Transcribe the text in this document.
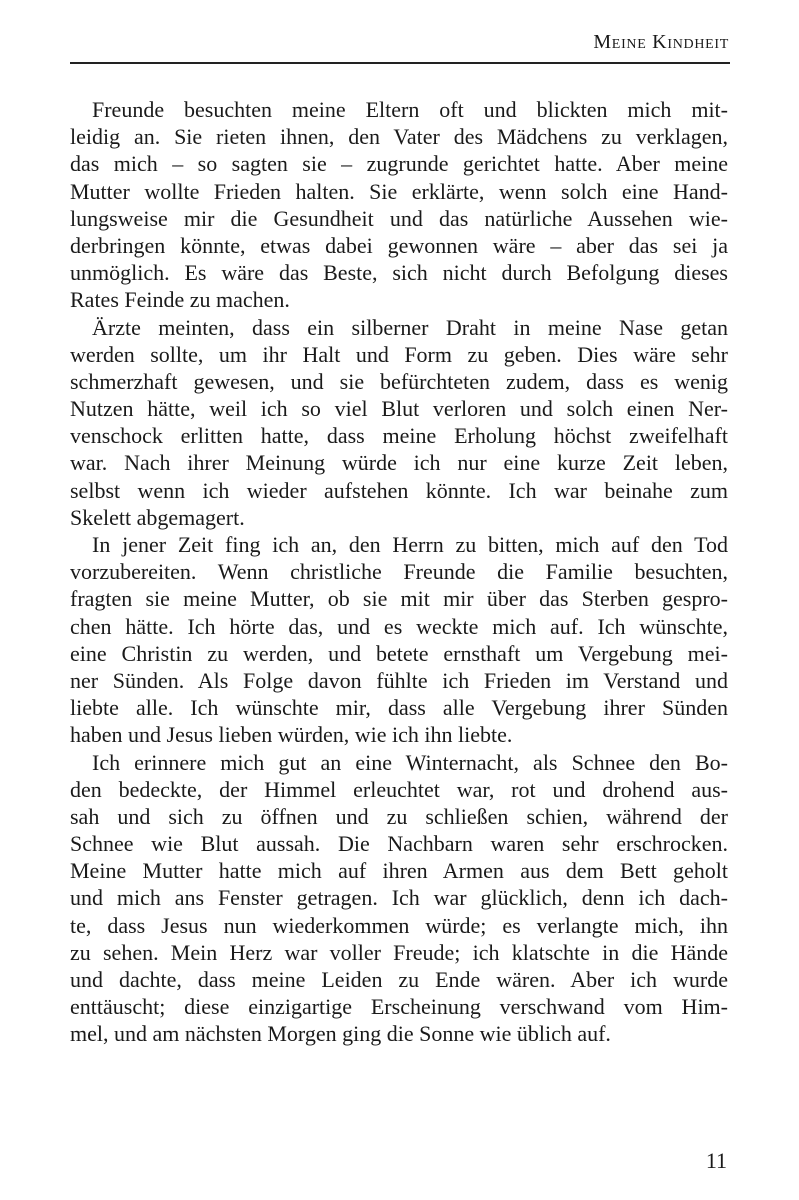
Meine Kindheit
Freunde besuchten meine Eltern oft und blickten mich mit-
leidig an. Sie rieten ihnen, den Vater des Mädchens zu verklagen,
das mich – so sagten sie – zugrunde gerichtet hatte. Aber meine
Mutter wollte Frieden halten. Sie erklärte, wenn solch eine Hand-
lungsweise mir die Gesundheit und das natürliche Aussehen wie-
derbringen könnte, etwas dabei gewonnen wäre – aber das sei ja
unmöglich. Es wäre das Beste, sich nicht durch Befolgung dieses
Rates Feinde zu machen.
Ärzte meinten, dass ein silberner Draht in meine Nase getan
werden sollte, um ihr Halt und Form zu geben. Dies wäre sehr
schmerzhaft gewesen, und sie befürchteten zudem, dass es wenig
Nutzen hätte, weil ich so viel Blut verloren und solch einen Ner-
venschock erlitten hatte, dass meine Erholung höchst zweifelhaft
war. Nach ihrer Meinung würde ich nur eine kurze Zeit leben,
selbst wenn ich wieder aufstehen könnte. Ich war beinahe zum
Skelett abgemagert.
In jener Zeit fing ich an, den Herrn zu bitten, mich auf den Tod
vorzubereiten. Wenn christliche Freunde die Familie besuchten,
fragten sie meine Mutter, ob sie mit mir über das Sterben gespro-
chen hätte. Ich hörte das, und es weckte mich auf. Ich wünschte,
eine Christin zu werden, und betete ernsthaft um Vergebung mei-
ner Sünden. Als Folge davon fühlte ich Frieden im Verstand und
liebte alle. Ich wünschte mir, dass alle Vergebung ihrer Sünden
haben und Jesus lieben würden, wie ich ihn liebte.
Ich erinnere mich gut an eine Winternacht, als Schnee den Bo-
den bedeckte, der Himmel erleuchtet war, rot und drohend aus-
sah und sich zu öffnen und zu schließen schien, während der
Schnee wie Blut aussah. Die Nachbarn waren sehr erschrocken.
Meine Mutter hatte mich auf ihren Armen aus dem Bett geholt
und mich ans Fenster getragen. Ich war glücklich, denn ich dach-
te, dass Jesus nun wiederkommen würde; es verlangte mich, ihn
zu sehen. Mein Herz war voller Freude; ich klatschte in die Hände
und dachte, dass meine Leiden zu Ende wären. Aber ich wurde
enttäuscht; diese einzigartige Erscheinung verschwand vom Him-
mel, und am nächsten Morgen ging die Sonne wie üblich auf.
11
